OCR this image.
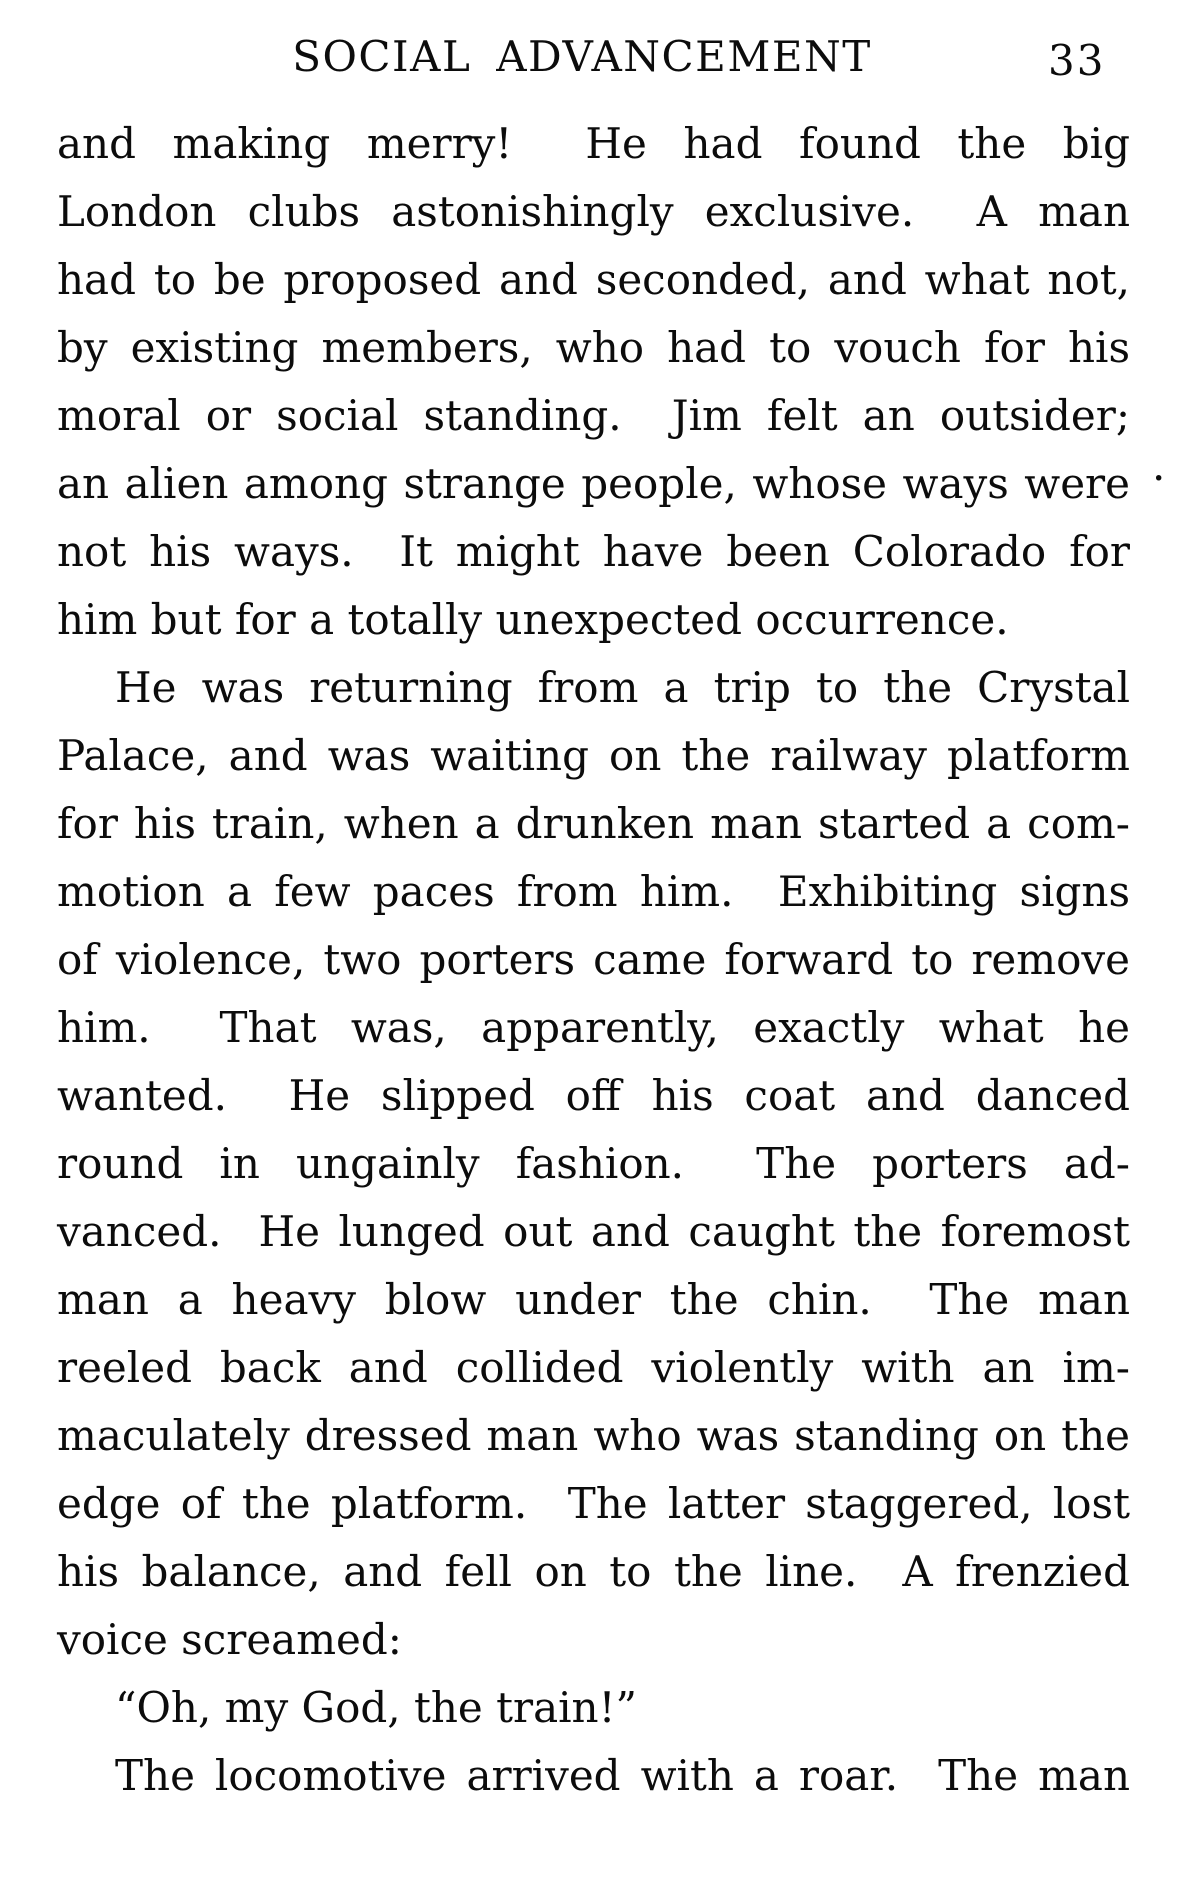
SOCIAL ADVANCEMENT	33
and making merry!  He had found the big
London clubs astonishingly exclusive.  A man
had to be proposed and seconded, and what not,
by existing members, who had to vouch for his
moral or social standing.  Jim felt an outsider;
an alien among strange people, whose ways were
not his ways.  It might have been Colorado for
him but for a totally unexpected occurrence.
He was returning from a trip to the Crystal
Palace, and was waiting on the railway platform
for his train, when a drunken man started a com-
motion a few paces from him.  Exhibiting signs
of violence, two porters came forward to remove
him.  That was, apparently, exactly what he
wanted.  He slipped off his coat and danced
round in ungainly fashion.  The porters ad-
vanced.  He lunged out and caught the foremost
man a heavy blow under the chin.  The man
reeled back and collided violently with an im-
maculately dressed man who was standing on the
edge of the platform.  The latter staggered, lost
his balance, and fell on to the line.  A frenzied
voice screamed:
“Oh, my God, the train!”
The locomotive arrived with a roar.  The man
.
